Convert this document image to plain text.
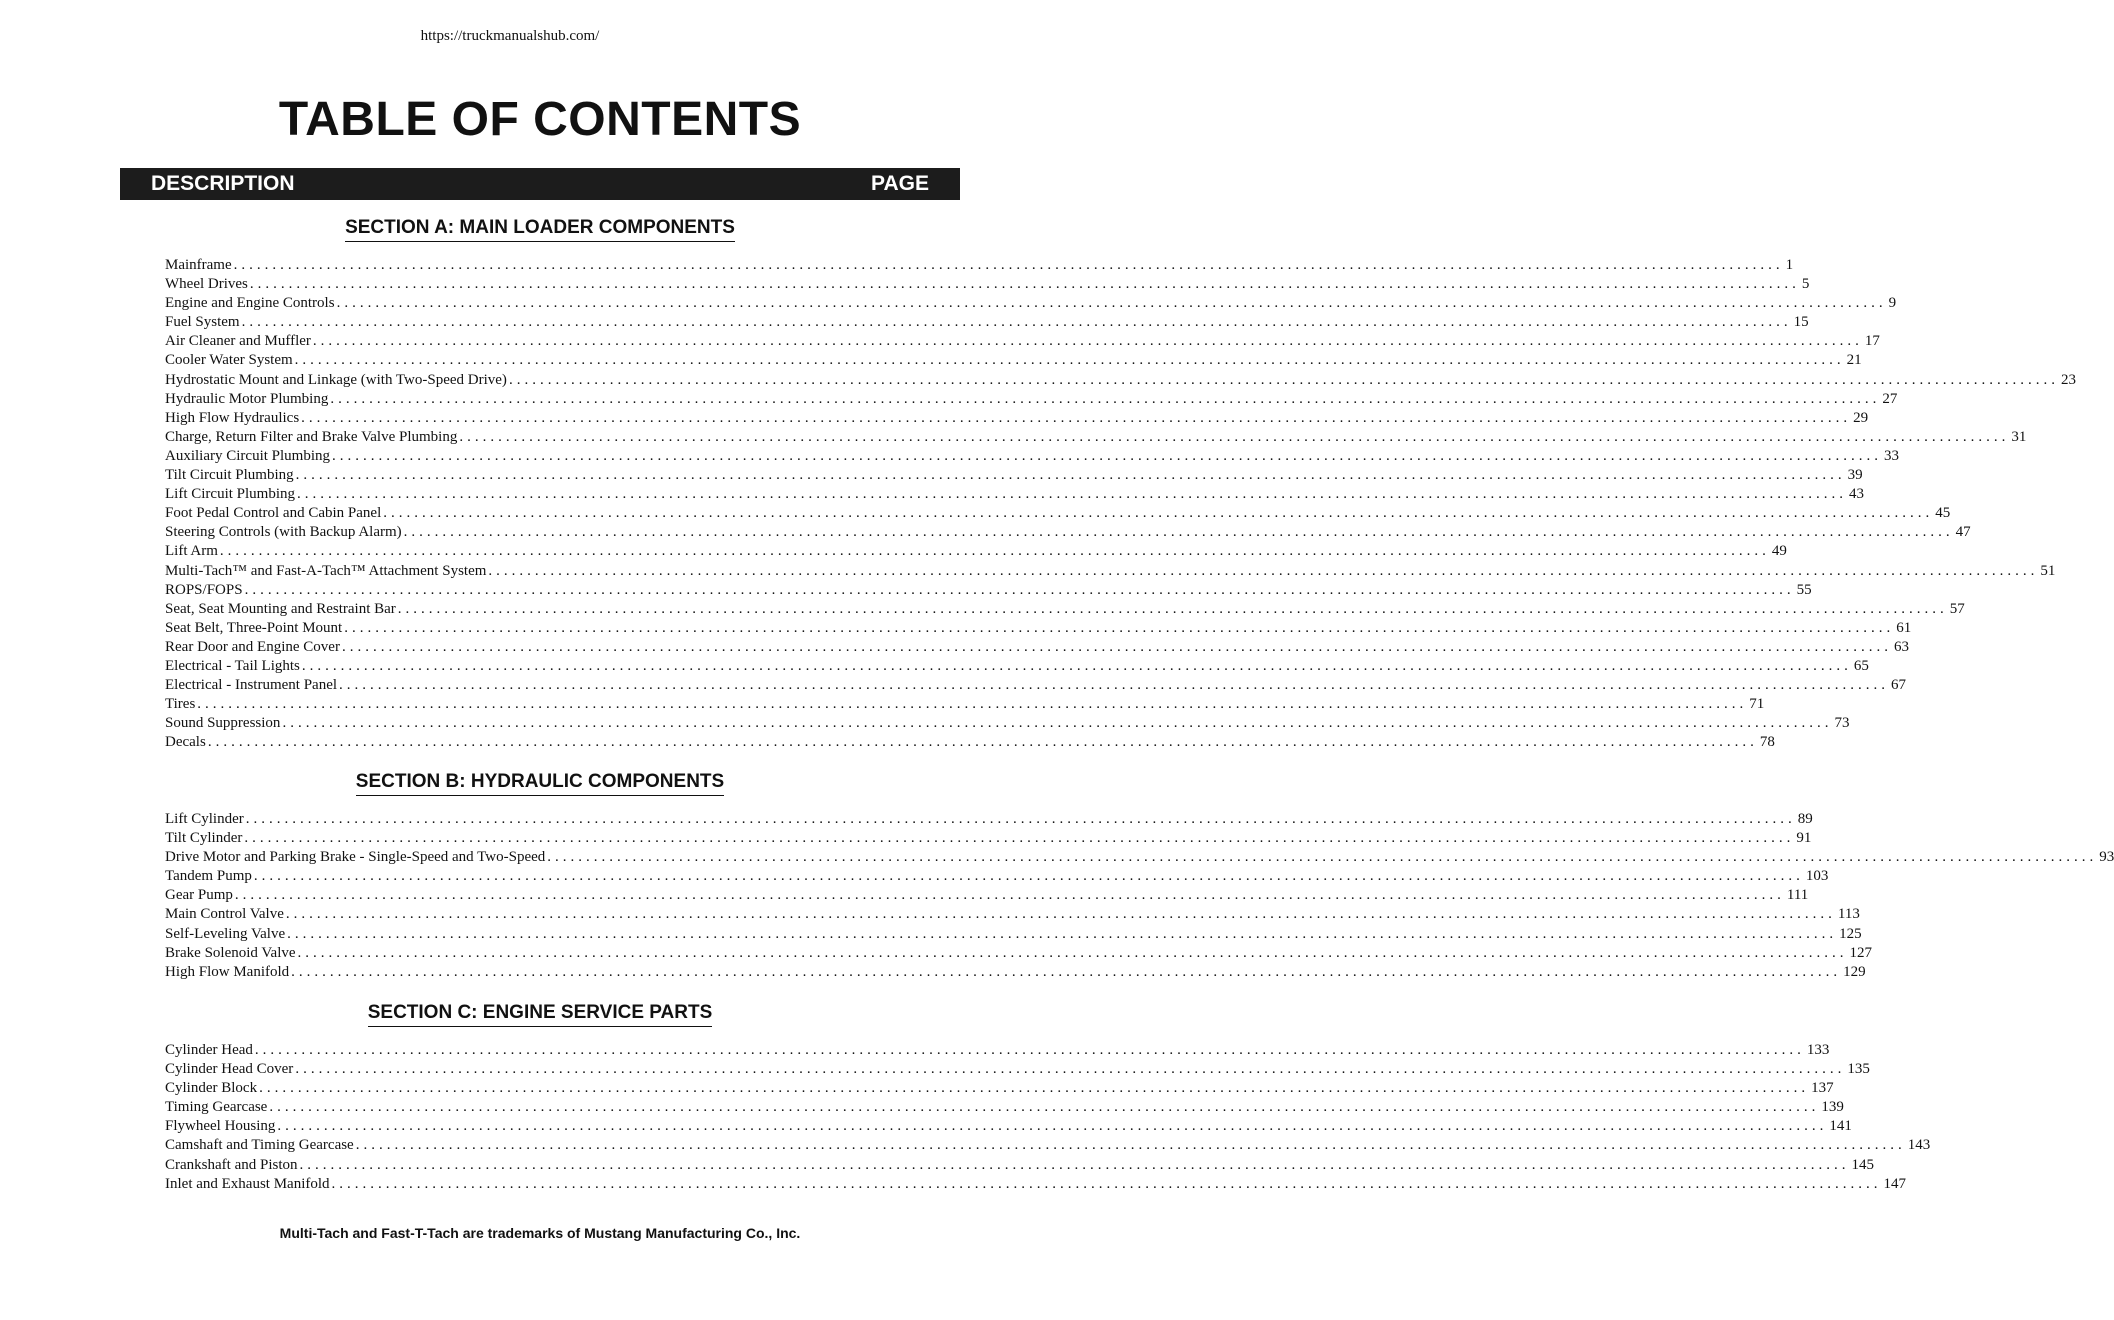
https://truckmanualshub.com/
TABLE OF CONTENTS
DESCRIPTION	PAGE
SECTION A: MAIN LOADER COMPONENTS
Mainframe ........................................................................................................................................................................................................ 1
Wheel Drives ........................................................................................................................................................................................................ 5
Engine and Engine Controls ........................................................................................................................................................................................................ 9
Fuel System ........................................................................................................................................................................................................ 15
Air Cleaner and Muffler ........................................................................................................................................................................................................ 17
Cooler Water System ........................................................................................................................................................................................................ 21
Hydrostatic Mount and Linkage (with Two-Speed Drive) ........................................................................................................................................................................................................ 23
Hydraulic Motor Plumbing ........................................................................................................................................................................................................ 27
High Flow Hydraulics ........................................................................................................................................................................................................ 29
Charge, Return Filter and Brake Valve Plumbing ........................................................................................................................................................................................................ 31
Auxiliary Circuit Plumbing ........................................................................................................................................................................................................ 33
Tilt Circuit Plumbing ........................................................................................................................................................................................................ 39
Lift Circuit Plumbing ........................................................................................................................................................................................................ 43
Foot Pedal Control and Cabin Panel ........................................................................................................................................................................................................ 45
Steering Controls (with Backup Alarm) ........................................................................................................................................................................................................ 47
Lift Arm ........................................................................................................................................................................................................ 49
Multi-Tach™ and Fast-A-Tach™ Attachment System ........................................................................................................................................................................................................ 51
ROPS/FOPS ........................................................................................................................................................................................................ 55
Seat, Seat Mounting and Restraint Bar ........................................................................................................................................................................................................ 57
Seat Belt, Three-Point Mount ........................................................................................................................................................................................................ 61
Rear Door and Engine Cover ........................................................................................................................................................................................................ 63
Electrical - Tail Lights ........................................................................................................................................................................................................ 65
Electrical - Instrument Panel ........................................................................................................................................................................................................ 67
Tires ........................................................................................................................................................................................................ 71
Sound Suppression ........................................................................................................................................................................................................ 73
Decals ........................................................................................................................................................................................................ 78
SECTION B: HYDRAULIC COMPONENTS
Lift Cylinder ........................................................................................................................................................................................................ 89
Tilt Cylinder ........................................................................................................................................................................................................ 91
Drive Motor and Parking Brake - Single-Speed and Two-Speed ........................................................................................................................................................................................................ 93
Tandem Pump ........................................................................................................................................................................................................ 103
Gear Pump ........................................................................................................................................................................................................ 111
Main Control Valve ........................................................................................................................................................................................................ 113
Self-Leveling Valve ........................................................................................................................................................................................................ 125
Brake Solenoid Valve ........................................................................................................................................................................................................ 127
High Flow Manifold ........................................................................................................................................................................................................ 129
SECTION C: ENGINE SERVICE PARTS
Cylinder Head ........................................................................................................................................................................................................ 133
Cylinder Head Cover ........................................................................................................................................................................................................ 135
Cylinder Block ........................................................................................................................................................................................................ 137
Timing Gearcase ........................................................................................................................................................................................................ 139
Flywheel Housing ........................................................................................................................................................................................................ 141
Camshaft and Timing Gearcase ........................................................................................................................................................................................................ 143
Crankshaft and Piston ........................................................................................................................................................................................................ 145
Inlet and Exhaust Manifold ........................................................................................................................................................................................................ 147
Multi-Tach and Fast-T-Tach are trademarks of Mustang Manufacturing Co., Inc.
